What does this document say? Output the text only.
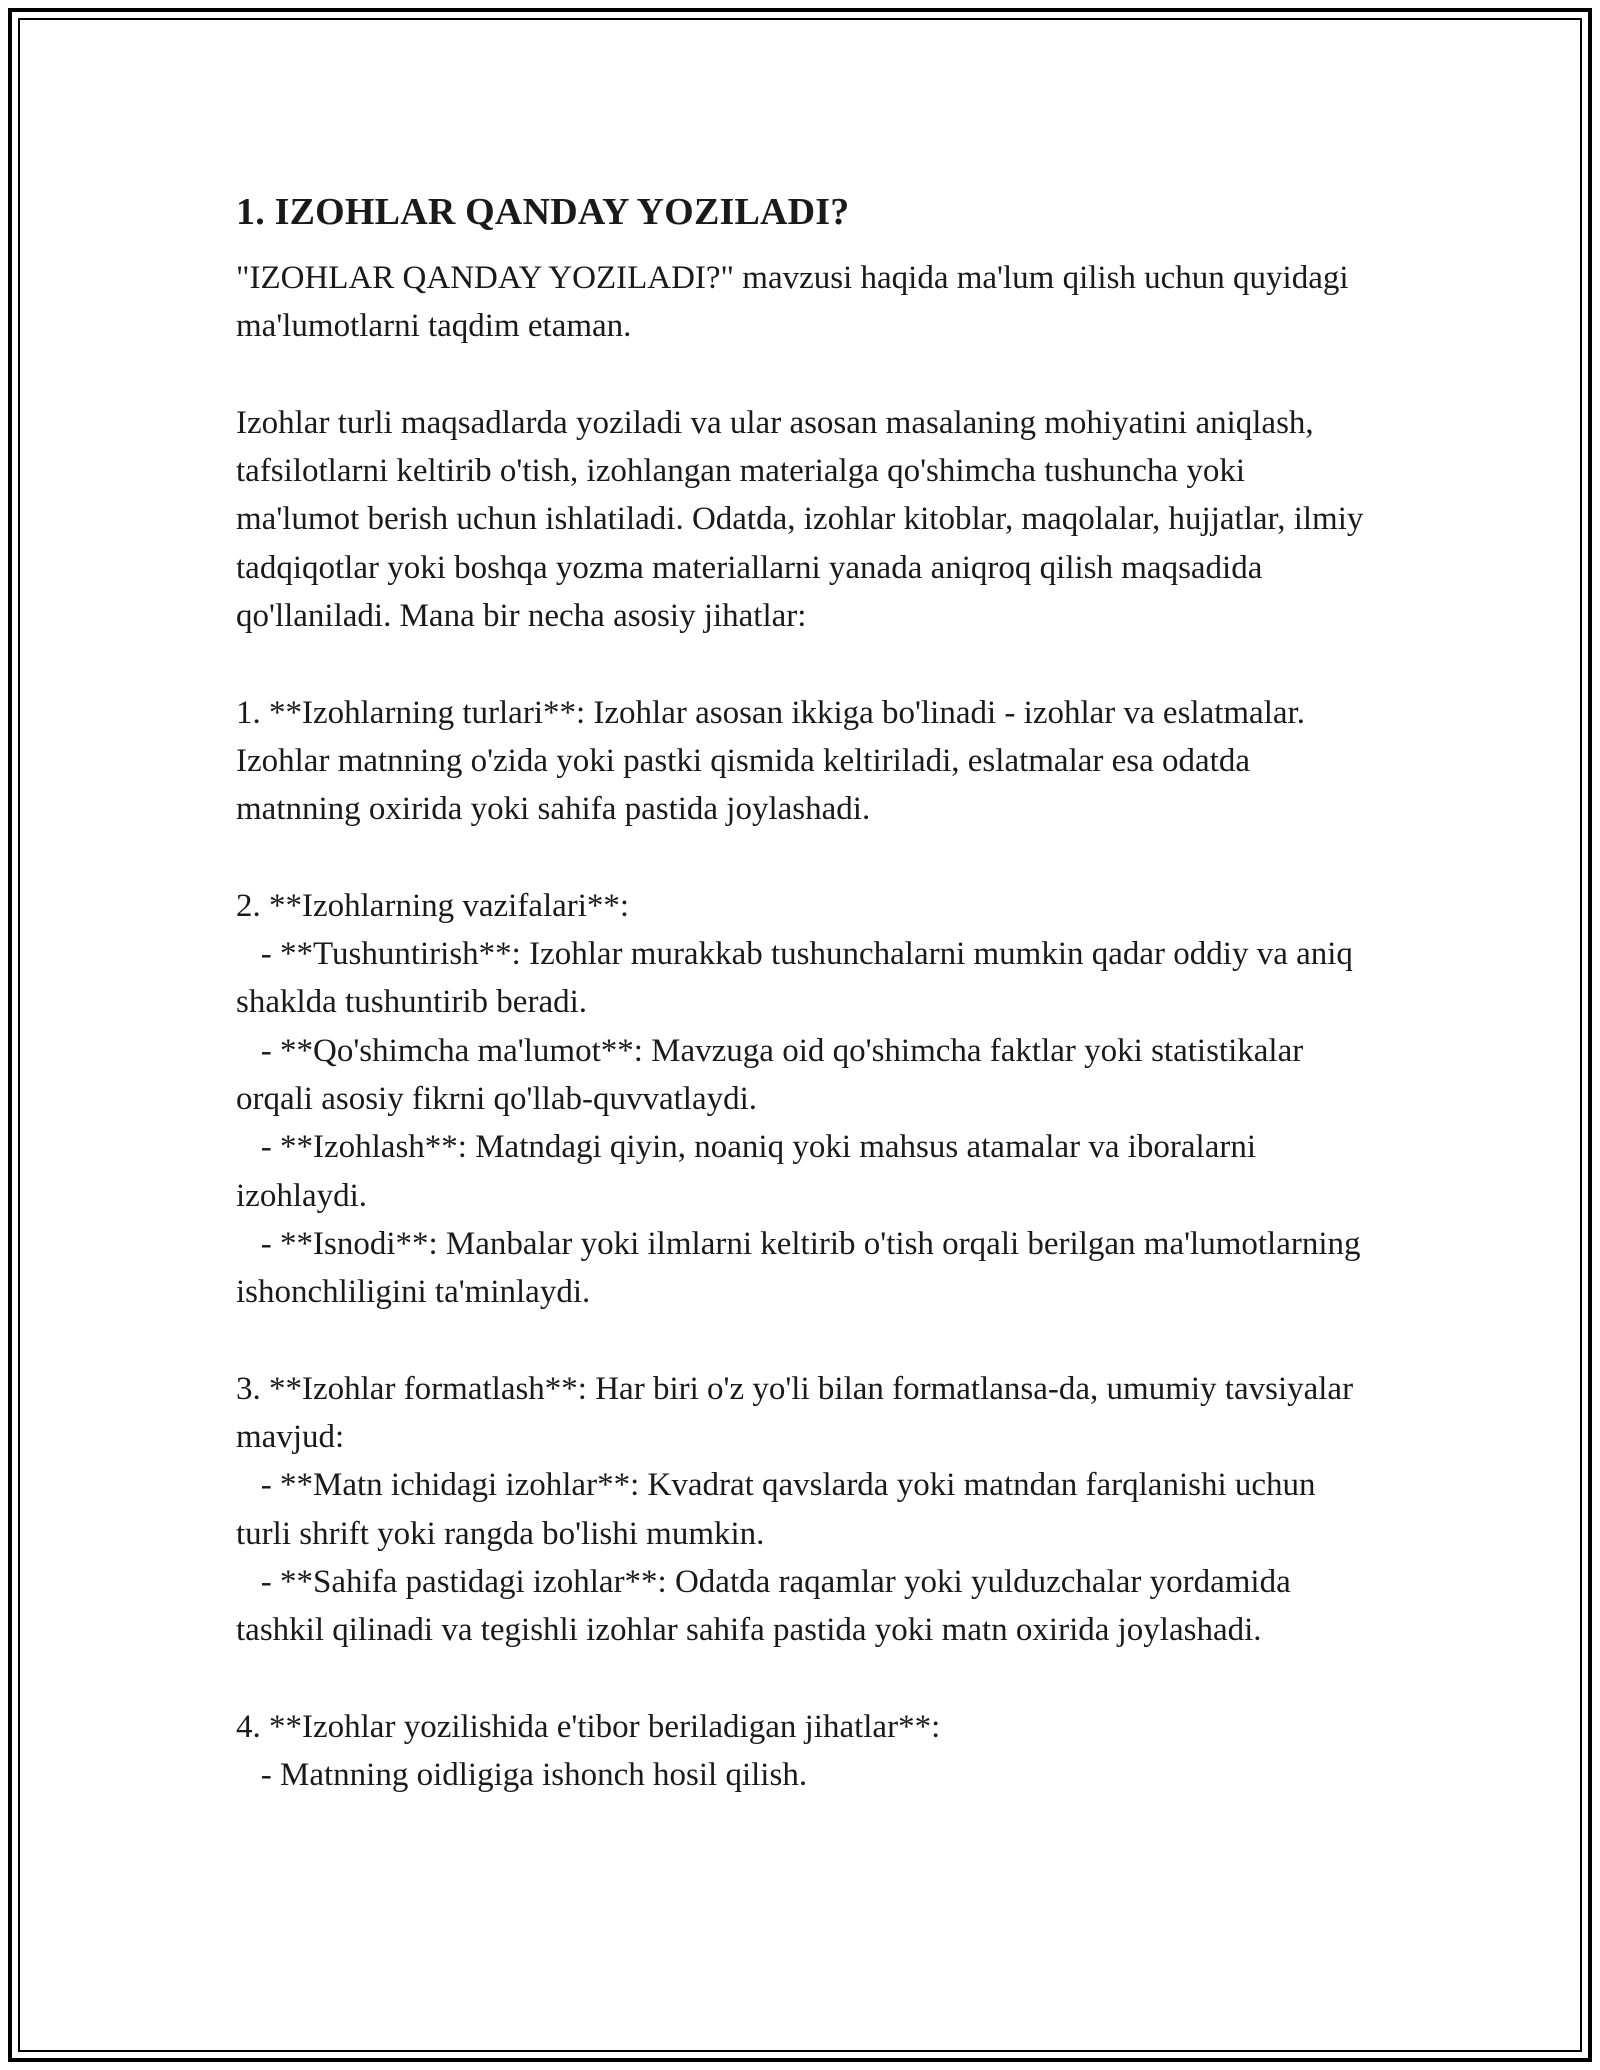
1. IZOHLAR QANDAY YOZILADI?

"IZOHLAR QANDAY YOZILADI?" mavzusi haqida ma'lum qilish uchun quyidagi ma'lumotlarni taqdim etaman.

Izohlar turli maqsadlarda yoziladi va ular asosan masalaning mohiyatini aniqlash, tafsilotlarni keltirib o'tish, izohlangan materialga qo'shimcha tushuncha yoki ma'lumot berish uchun ishlatiladi. Odatda, izohlar kitoblar, maqolalar, hujjatlar, ilmiy tadqiqotlar yoki boshqa yozma materiallarni yanada aniqroq qilish maqsadida qo'llaniladi. Mana bir necha asosiy jihatlar:

1. **Izohlarning turlari**: Izohlar asosan ikkiga bo'linadi - izohlar va eslatmalar. Izohlar matnning o'zida yoki pastki qismida keltiriladi, eslatmalar esa odatda matnning oxirida yoki sahifa pastida joylashadi.

2. **Izohlarning vazifalari**:
- **Tushuntirish**: Izohlar murakkab tushunchalarni mumkin qadar oddiy va aniq shaklda tushuntirib beradi.
- **Qo'shimcha ma'lumot**: Mavzuga oid qo'shimcha faktlar yoki statistikalar orqali asosiy fikrni qo'llab-quvvatlaydi.
- **Izohlash**: Matndagi qiyin, noaniq yoki mahsus atamalar va iboralarni izohlaydi.
- **Isnodi**: Manbalar yoki ilmlarni keltirib o'tish orqali berilgan ma'lumotlarning ishonchliligini ta'minlaydi.

3. **Izohlar formatlash**: Har biri o'z yo'li bilan formatlansa-da, umumiy tavsiyalar mavjud:
- **Matn ichidagi izohlar**: Kvadrat qavslarda yoki matndan farqlanishi uchun turli shrift yoki rangda bo'lishi mumkin.
- **Sahifa pastidagi izohlar**: Odatda raqamlar yoki yulduzchalar yordamida tashkil qilinadi va tegishli izohlar sahifa pastida yoki matn oxirida joylashadi.

4. **Izohlar yozilishida e'tibor beriladigan jihatlar**:
- Matnning oidligiga ishonch hosil qilish.
